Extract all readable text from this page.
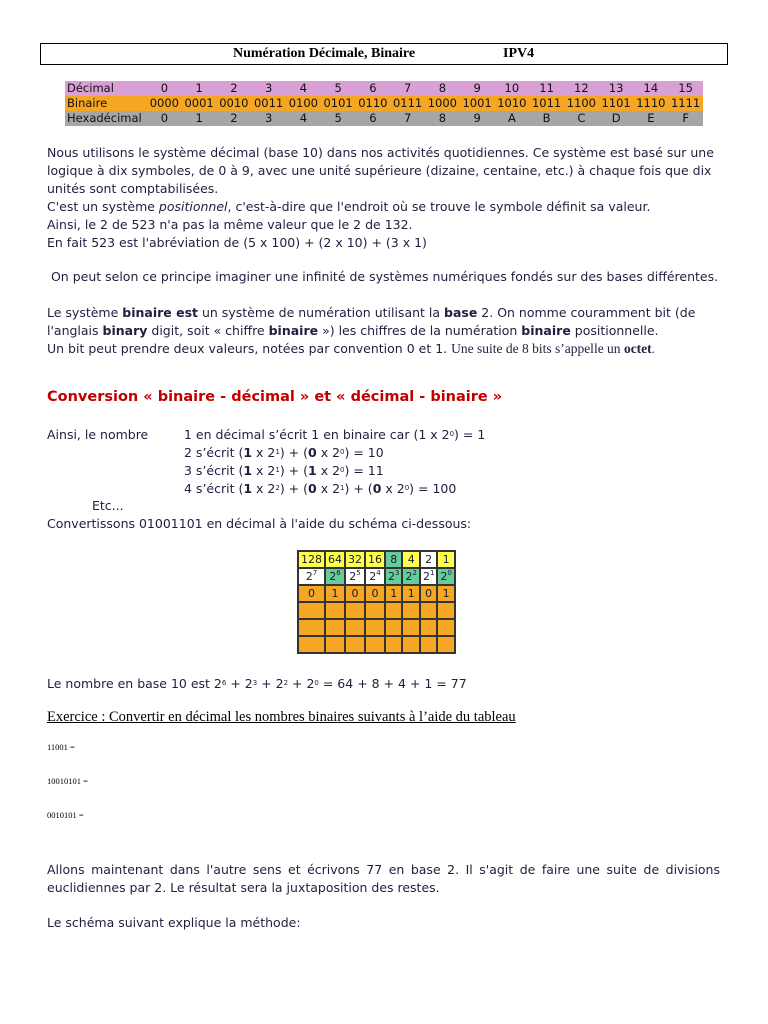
Numération Décimale, Binaire	IPV4
Décimal	0	1	2	3	4	5	6	7	8	9	10	11	12	13	14	15
Binaire	0000	0001	0010	0011	0100	0101	0110	0111	1000	1001	1010	1011	1100	1101	1110	1111
Hexadécimal	0	1	2	3	4	5	6	7	8	9	A	B	C	D	E	F

Nous utilisons le système décimal (base 10) dans nos activités quotidiennes. Ce système est basé sur une logique à dix symboles, de 0 à 9, avec une unité supérieure (dizaine, centaine, etc.) à chaque fois que dix unités sont comptabilisées.

C'est un système positionnel, c'est-à-dire que l'endroit où se trouve le symbole définit sa valeur.

Ainsi, le 2 de 523 n'a pas la même valeur que le 2 de 132.

En fait 523 est l'abréviation de (5 x 100) + (2 x 10) + (3 x 1)

On peut selon ce principe imaginer une infinité de systèmes numériques fondés sur des bases différentes.

Le système binaire est un système de numération utilisant la base 2. On nomme couramment bit (de l'anglais binary digit, soit « chiffre binaire ») les chiffres de la numération binaire positionnelle.

Un bit peut prendre deux valeurs, notées par convention 0 et 1. Une suite de 8 bits s’appelle un octet.

Conversion « binaire - décimal » et « décimal - binaire »
Ainsi, le nombre	1 en décimal s’écrit 1 en binaire car (1 x $2^0) = 1$
2 s’écrit (1 x $2^1) + (0$ x $2^0) = 10$
3 s’écrit (1 x $2^1) + (1$ x $2^0) = 11$
4 s’écrit (1 x $2^2) + (0$ x $2^1) + (0$ x $2^0) = 100$
Etc...
Convertissons 01001101 en décimal à l'aide du schéma ci-dessous:
128	64	32	16	8	4	2	1
$2^7$	$2^6$	$2^5$	$2^4$	$2^3$	$2^2$	$2^1$	$2^0$
0	1	0	0	1	1	0	1

Le nombre en base 10 est $2^6 + 2^3 + 2^2 + 2^0 = 64 + 8 + 4 + 1 = 77$
Exercice : Convertir en décimal les nombres binaires suivants à l’aide du tableau
11001 =
10010101 =
0010101 =
Allons maintenant dans l'autre sens et écrivons 77 en base 2. Il s'agit de faire une suite de divisions euclidiennes par 2. Le résultat sera la juxtaposition des restes.
Le schéma suivant explique la méthode:
